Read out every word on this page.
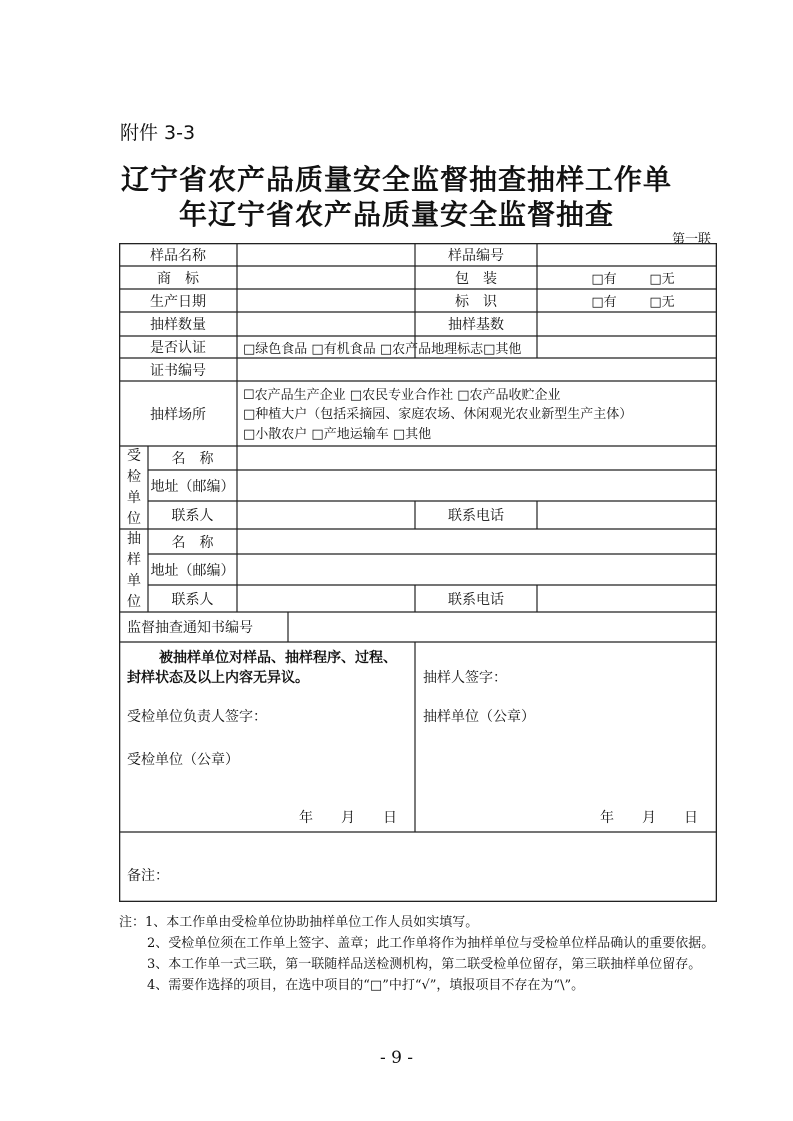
附件 3-3
辽宁省农产品质量安全监督抽查抽样工作单
年辽宁省农产品质量安全监督抽查
第一联
样品名称	样品编号
商　标	包　装	□有	□无
生产日期	标　识	□有	□无
抽样数量	抽样基数
是否认证	□绿色食品 □有机食品 □农产品地理标志□其他
证书编号
抽样场所
☐农产品生产企业 □农民专业合作社 □农产品收贮企业
□种植大户（包括采摘园、家庭农场、休闲观光农业新型生产主体）
□小散农户 □产地运输车 □其他
受
检
单
位
名　称
地址（邮编）
联系人	联系电话
抽
样
单
位
名　称
地址（邮编）
联系人	联系电话
监督抽查通知书编号
被抽样单位对样品、抽样程序、过程、
封样状态及以上内容无异议。
受检单位负责人签字：
受检单位（公章）
年　　月　　日
抽样人签字：
抽样单位（公章）
年　　月　　日
备注：

注：1、本工作单由受检单位协助抽样单位工作人员如实填写。

2、受检单位须在工作单上签字、盖章；此工作单将作为抽样单位与受检单位样品确认的重要依据。

3、本工作单一式三联，第一联随样品送检测机构，第二联受检单位留存，第三联抽样单位留存。

4、需要作选择的项目，在选中项目的“□”中打“√”，填报项目不存在为“\”。

- 9 -
